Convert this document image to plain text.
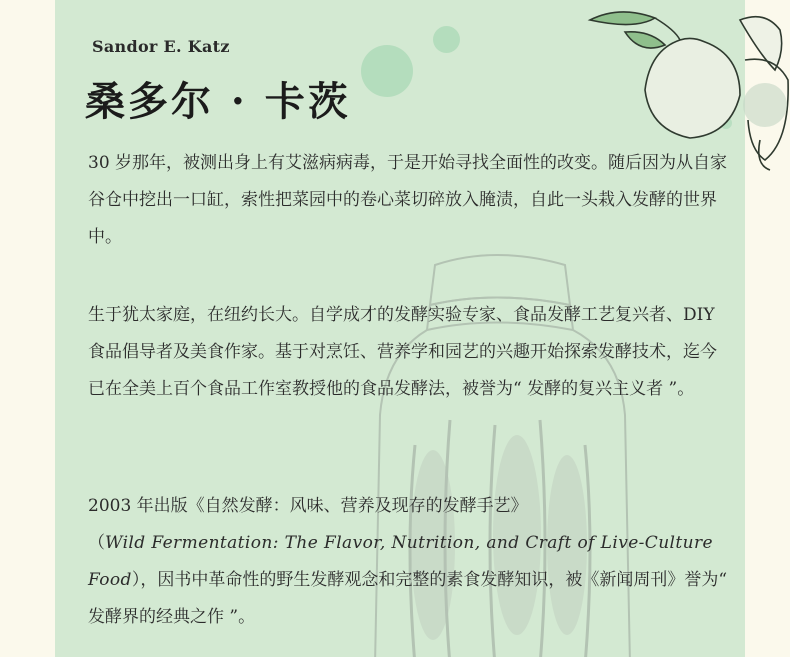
Sandor E. Katz
桑多尔 · 卡茨

30 岁那年，被测出身上有艾滋病病毒，于是开始寻找全面性的改变。随后因为从自家谷仓中挖出一口缸，索性把菜园中的卷心菜切碎放入腌渍，自此一头栽入发酵的世界中。

生于犹太家庭，在纽约长大。自学成才的发酵实验专家、食品发酵工艺复兴者、DIY 食品倡导者及美食作家。基于对烹饪、营养学和园艺的兴趣开始探索发酵技术，迄今已在全美上百个食品工作室教授他的食品发酵法，被誉为“ 发酵的复兴主义者 ”。

2003 年出版《自然发酵：风味、营养及现存的发酵手艺》
（Wild Fermentation: The Flavor, Nutrition, and Craft of Live-Culture Food），因书中革命性的野生发酵观念和完整的素食发酵知识，被《新闻周刊》誉为“ 发酵界的经典之作 ”。
